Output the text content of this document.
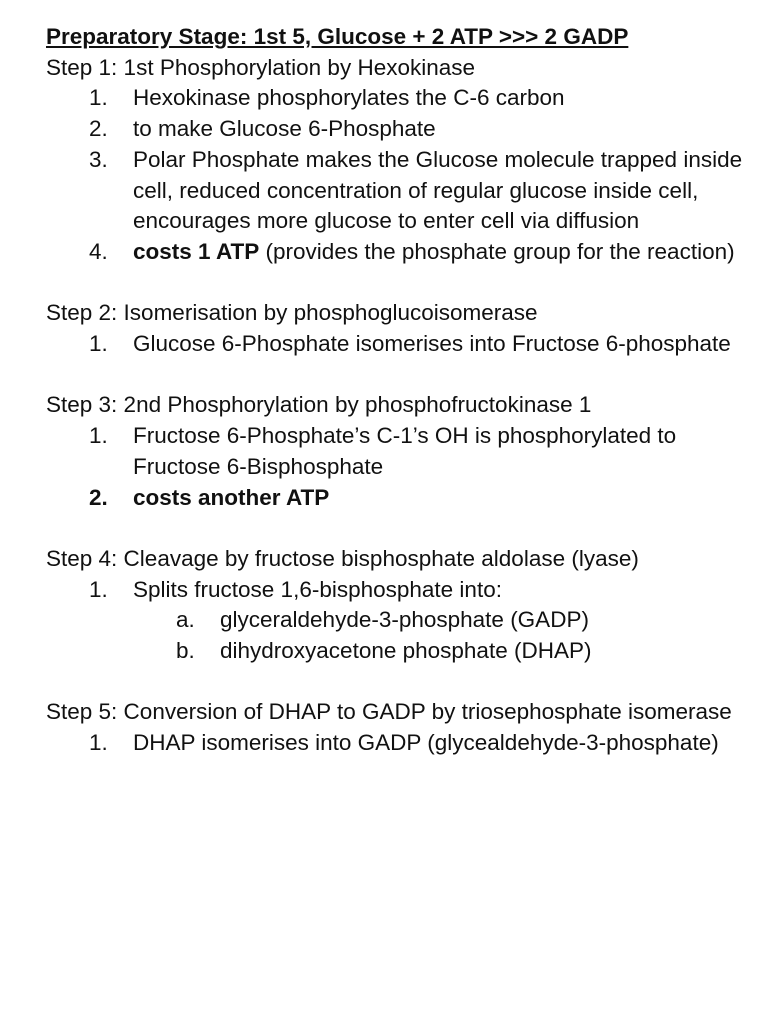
Preparatory Stage: 1st 5, Glucose + 2 ATP >>> 2 GADP
Step 1: 1st Phosphorylation by Hexokinase
1. Hexokinase phosphorylates the C-6 carbon
2. to make Glucose 6-Phosphate
3. Polar Phosphate makes the Glucose molecule trapped inside cell, reduced concentration of regular glucose inside cell, encourages more glucose to enter cell via diffusion
4. costs 1 ATP (provides the phosphate group for the reaction)
Step 2: Isomerisation by phosphoglucoisomerase
1. Glucose 6-Phosphate isomerises into Fructose 6-phosphate
Step 3: 2nd Phosphorylation by phosphofructokinase 1
1. Fructose 6-Phosphate’s C-1’s OH is phosphorylated to Fructose 6-Bisphosphate
2. costs another ATP
Step 4: Cleavage by fructose bisphosphate aldolase (lyase)
1. Splits fructose 1,6-bisphosphate into:
a. glyceraldehyde-3-phosphate (GADP)
b. dihydroxyacetone phosphate (DHAP)
Step 5: Conversion of DHAP to GADP by triosephosphate isomerase
1. DHAP isomerises into GADP (glycealdehyde-3-phosphate)
